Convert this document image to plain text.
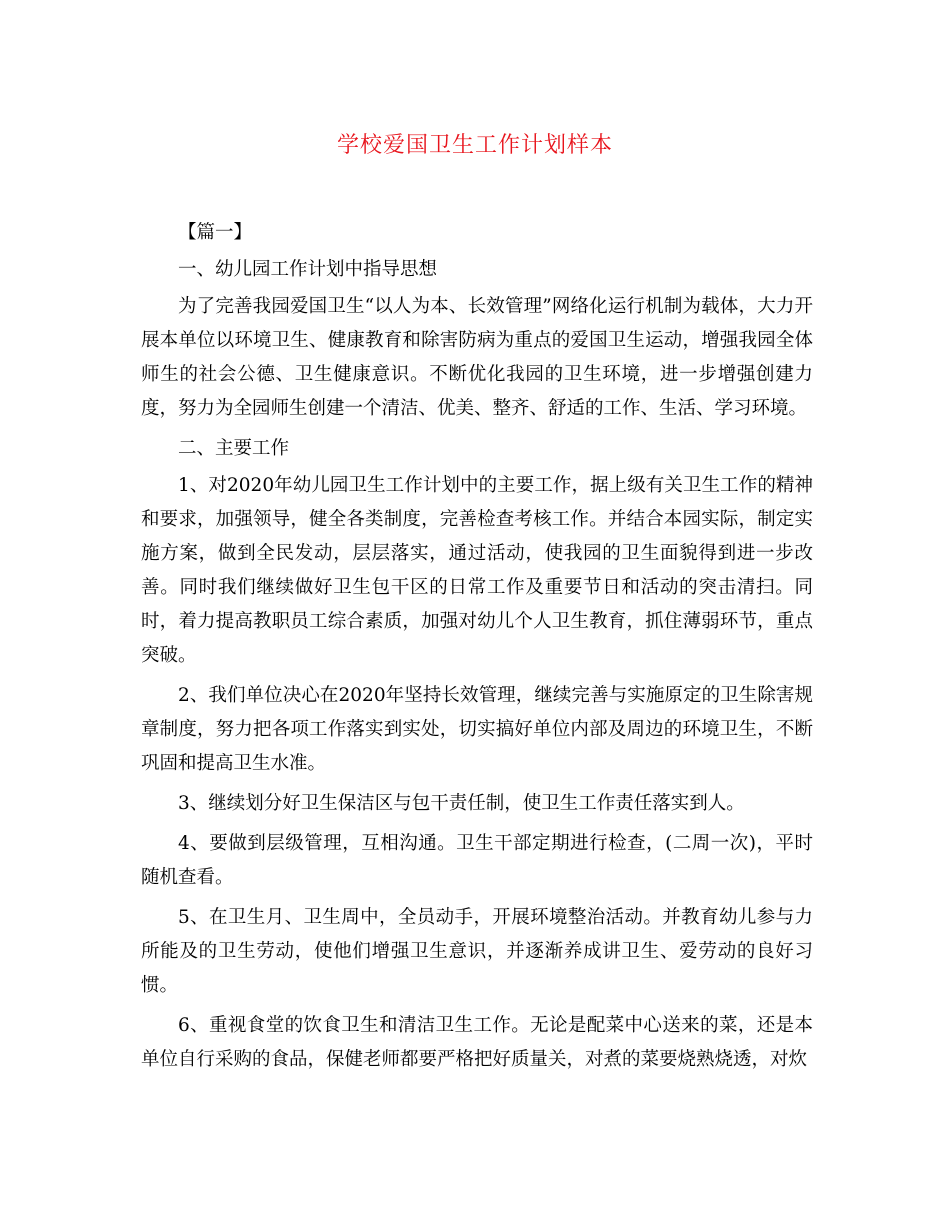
学校爱国卫生工作计划样本

【篇一】

一、幼儿园工作计划中指导思想

为了完善我园爱国卫生“以人为本、长效管理”网络化运行机制为载体，大力开展本单位以环境卫生、健康教育和除害防病为重点的爱国卫生运动，增强我园全体师生的社会公德、卫生健康意识。不断优化我园的卫生环境，进一步增强创建力度，努力为全园师生创建一个清洁、优美、整齐、舒适的工作、生活、学习环境。

二、主要工作

1、对2020年幼儿园卫生工作计划中的主要工作，据上级有关卫生工作的精神和要求，加强领导，健全各类制度，完善检查考核工作。并结合本园实际，制定实施方案，做到全民发动，层层落实，通过活动，使我园的卫生面貌得到进一步改善。同时我们继续做好卫生包干区的日常工作及重要节日和活动的突击清扫。同时，着力提高教职员工综合素质，加强对幼儿个人卫生教育，抓住薄弱环节，重点突破。

2、我们单位决心在2020年坚持长效管理，继续完善与实施原定的卫生除害规章制度，努力把各项工作落实到实处，切实搞好单位内部及周边的环境卫生，不断巩固和提高卫生水准。

3、继续划分好卫生保洁区与包干责任制，使卫生工作责任落实到人。

4、要做到层级管理，互相沟通。卫生干部定期进行检查，(二周一次)，平时随机查看。

5、在卫生月、卫生周中，全员动手，开展环境整治活动。并教育幼儿参与力所能及的卫生劳动，使他们增强卫生意识，并逐渐养成讲卫生、爱劳动的良好习惯。

6、重视食堂的饮食卫生和清洁卫生工作。无论是配菜中心送来的菜，还是本单位自行采购的食品，保健老师都要严格把好质量关，对煮的菜要烧熟烧透，对炊
